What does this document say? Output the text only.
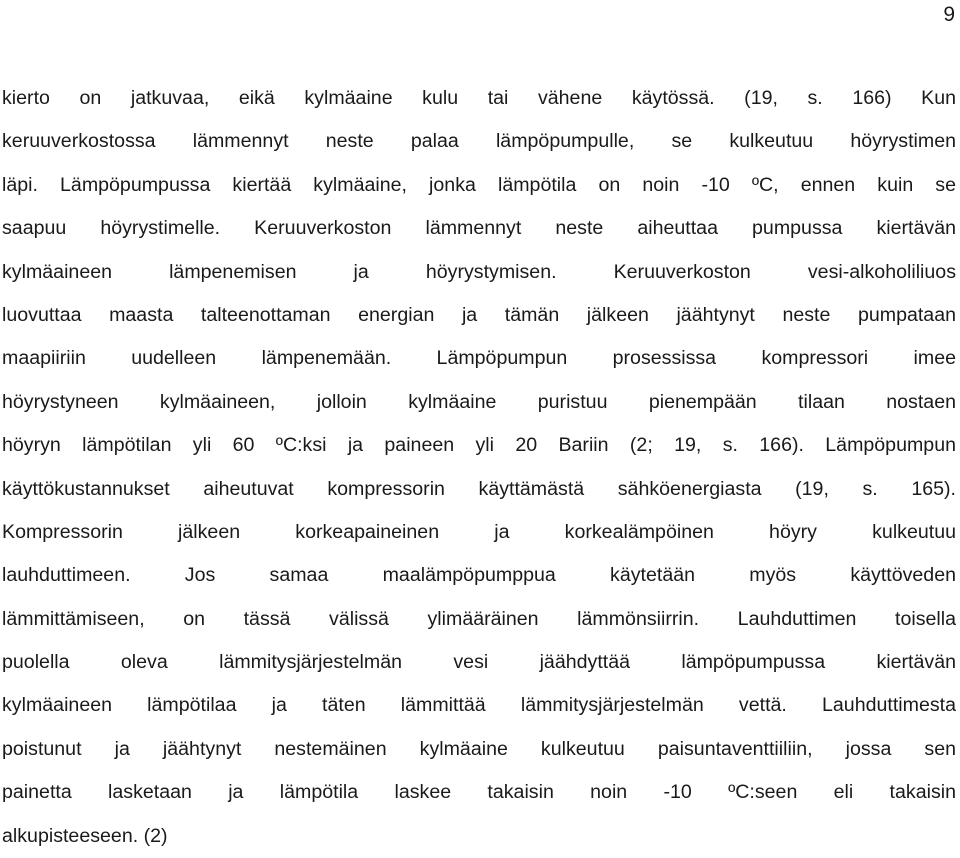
9
kierto on jatkuvaa, eikä kylmäaine kulu tai vähene käytössä. (19, s. 166) Kun
keruuverkostossa lämmennyt neste palaa lämpöpumpulle, se kulkeutuu höyrystimen
läpi. Lämpöpumpussa kiertää kylmäaine, jonka lämpötila on noin -10 ºC, ennen kuin se
saapuu höyrystimelle. Keruuverkoston lämmennyt neste aiheuttaa pumpussa kiertävän
kylmäaineen lämpenemisen ja höyrystymisen. Keruuverkoston vesi-alkoholiliuos
luovuttaa maasta talteenottaman energian ja tämän jälkeen jäähtynyt neste pumpataan
maapiiriin uudelleen lämpenemään. Lämpöpumpun prosessissa kompressori imee
höyrystyneen kylmäaineen, jolloin kylmäaine puristuu pienempään tilaan nostaen
höyryn lämpötilan yli 60 ºC:ksi ja paineen yli 20 Bariin (2; 19, s. 166). Lämpöpumpun
käyttökustannukset aiheutuvat kompressorin käyttämästä sähköenergiasta (19, s. 165).
Kompressorin jälkeen korkeapaineinen ja korkealämpöinen höyry kulkeutuu
lauhduttimeen. Jos samaa maalämpöpumppua käytetään myös käyttöveden
lämmittämiseen, on tässä välissä ylimääräinen lämmönsiirrin. Lauhduttimen toisella
puolella oleva lämmitysjärjestelmän vesi jäähdyttää lämpöpumpussa kiertävän
kylmäaineen lämpötilaa ja täten lämmittää lämmitysjärjestelmän vettä. Lauhduttimesta
poistunut ja jäähtynyt nestemäinen kylmäaine kulkeutuu paisuntaventtiiliin, jossa sen
painetta lasketaan ja lämpötila laskee takaisin noin -10 ºC:seen eli takaisin
alkupisteeseen. (2)
